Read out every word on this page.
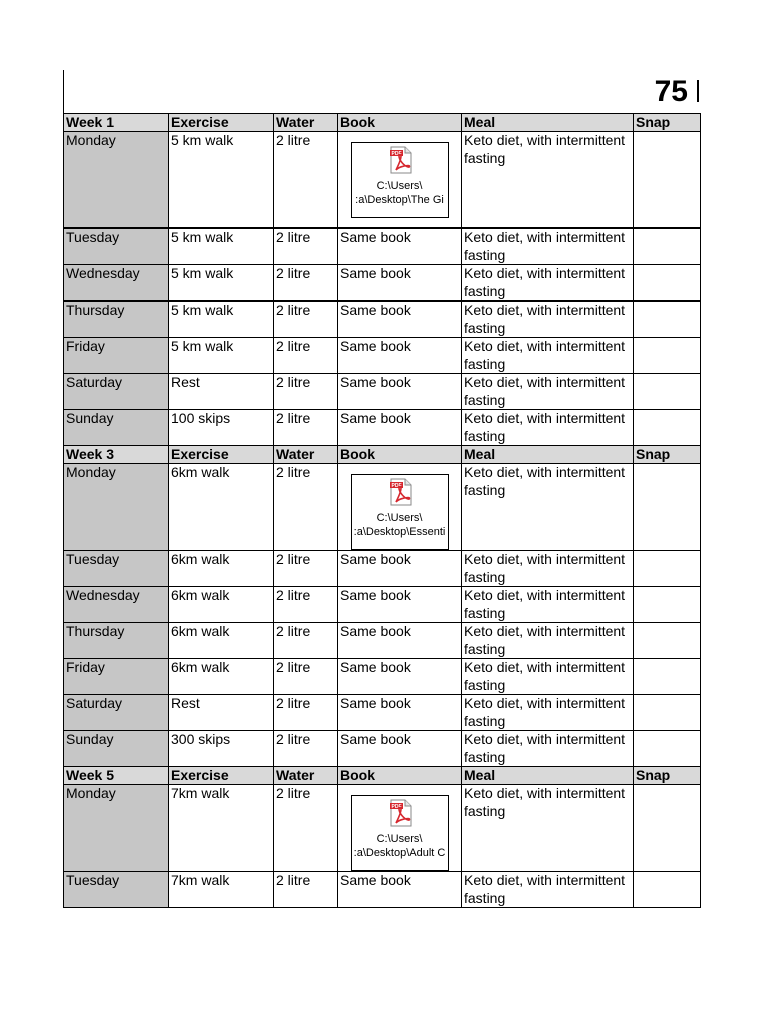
75
Week 1	Exercise	Water	Book	Meal	Snap
Monday	5 km walk	2 litre	PDF
C:\Users\
:a\Desktop\The Gi	Keto diet, with intermittent fasting	
Tuesday	5 km walk	2 litre	Same book	Keto diet, with intermittent fasting	
Wednesday	5 km walk	2 litre	Same book	Keto diet, with intermittent fasting	
Thursday	5 km walk	2 litre	Same book	Keto diet, with intermittent fasting	
Friday	5 km walk	2 litre	Same book	Keto diet, with intermittent fasting	
Saturday	Rest	2 litre	Same book	Keto diet, with intermittent fasting	
Sunday	100 skips	2 litre	Same book	Keto diet, with intermittent fasting	
Week 3	Exercise	Water	Book	Meal	Snap
Monday	6km walk	2 litre	PDF
C:\Users\
:a\Desktop\Essenti	Keto diet, with intermittent fasting	
Tuesday	6km walk	2 litre	Same book	Keto diet, with intermittent fasting	
Wednesday	6km walk	2 litre	Same book	Keto diet, with intermittent fasting	
Thursday	6km walk	2 litre	Same book	Keto diet, with intermittent fasting	
Friday	6km walk	2 litre	Same book	Keto diet, with intermittent fasting	
Saturday	Rest	2 litre	Same book	Keto diet, with intermittent fasting	
Sunday	300 skips	2 litre	Same book	Keto diet, with intermittent fasting	
Week 5	Exercise	Water	Book	Meal	Snap
Monday	7km walk	2 litre	PDF
C:\Users\
:a\Desktop\Adult C	Keto diet, with intermittent fasting	
Tuesday	7km walk	2 litre	Same book	Keto diet, with intermittent fasting	
